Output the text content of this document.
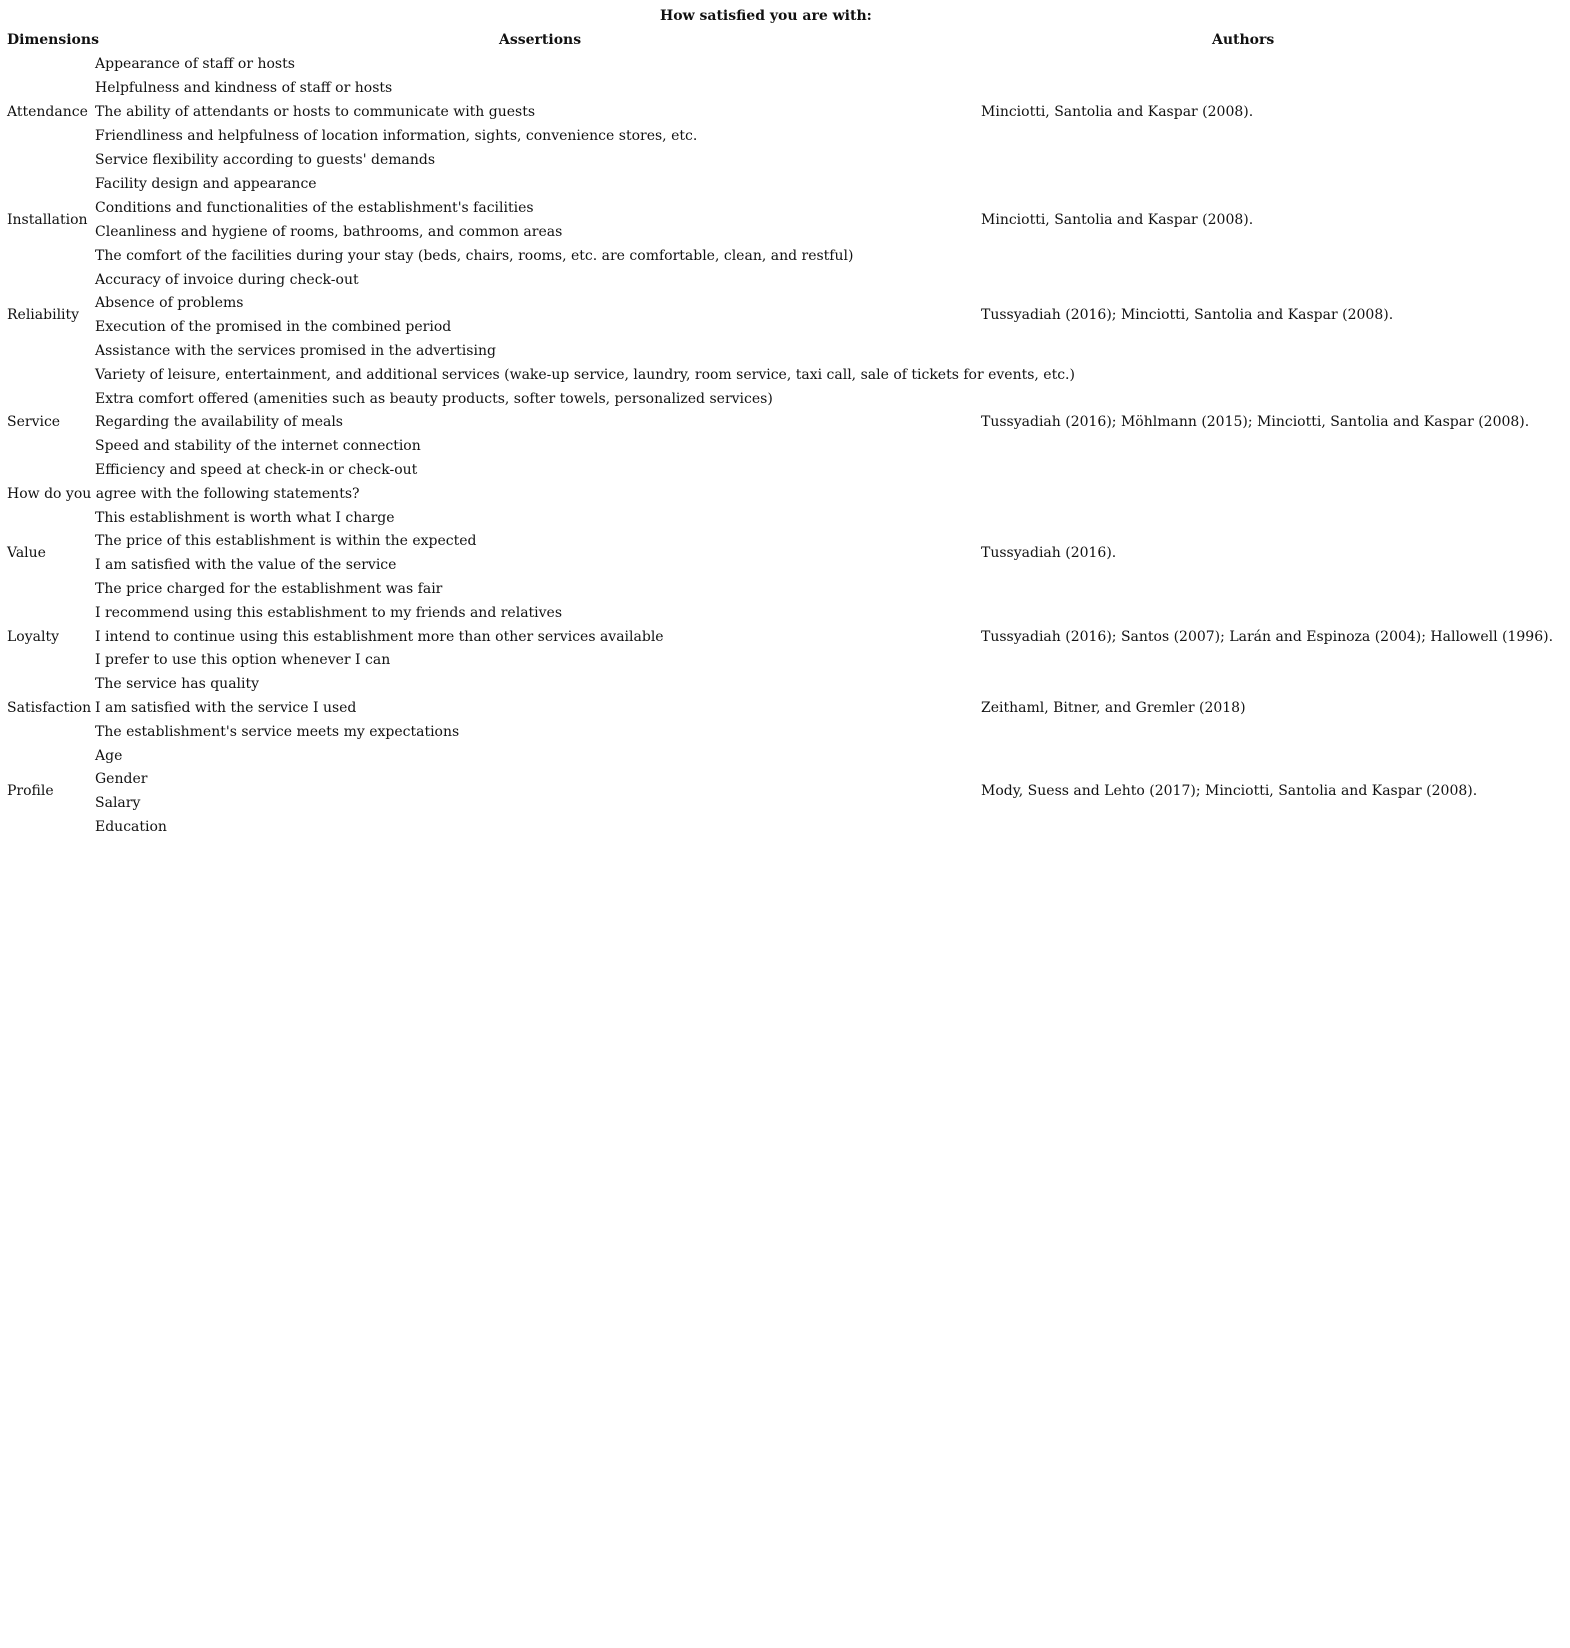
How satisfied you are with:
Dimensions	Assertions	Authors
Attendance
Appearance of staff or hosts
Helpfulness and kindness of staff or hosts
The ability of attendants or hosts to communicate with guests
Friendliness and helpfulness of location information, sights, convenience stores, etc.
Service flexibility according to guests' demands
Minciotti, Santolia and Kaspar (2008).
Installation
Facility design and appearance
Conditions and functionalities of the establishment's facilities
Cleanliness and hygiene of rooms, bathrooms, and common areas
The comfort of the facilities during your stay (beds, chairs, rooms, etc. are comfortable, clean, and restful)
Minciotti, Santolia and Kaspar (2008).
Reliability
Accuracy of invoice during check-out
Absence of problems
Execution of the promised in the combined period
Assistance with the services promised in the advertising
Tussyadiah (2016); Minciotti, Santolia and Kaspar (2008).
Service
Variety of leisure, entertainment, and additional services (wake-up service, laundry, room service, taxi call, sale of tickets for events, etc.)
Extra comfort offered (amenities such as beauty products, softer towels, personalized services)
Regarding the availability of meals
Speed and stability of the internet connection
Efficiency and speed at check-in or check-out
Tussyadiah (2016); Möhlmann (2015); Minciotti, Santolia and Kaspar (2008).
How do you agree with the following statements?
Value
This establishment is worth what I charge
The price of this establishment is within the expected
I am satisfied with the value of the service
The price charged for the establishment was fair
Tussyadiah (2016).
Loyalty
I recommend using this establishment to my friends and relatives
I intend to continue using this establishment more than other services available
I prefer to use this option whenever I can
Tussyadiah (2016); Santos (2007); Larán and Espinoza (2004); Hallowell (1996).
Satisfaction
The service has quality
I am satisfied with the service I used
The establishment's service meets my expectations
Zeithaml, Bitner, and Gremler (2018)
Profile
Age
Gender
Salary
Education
Mody, Suess and Lehto (2017); Minciotti, Santolia and Kaspar (2008).
